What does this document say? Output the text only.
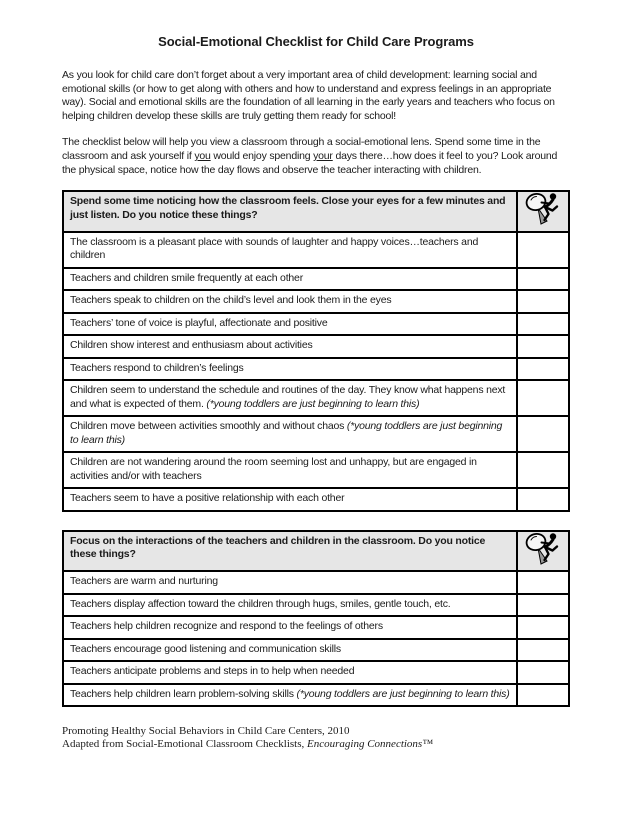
Social-Emotional Checklist for Child Care Programs

As you look for child care don’t forget about a very important area of child development: learning social and emotional skills (or how to get along with others and how to understand and express feelings in an appropriate way). Social and emotional skills are the foundation of all learning in the early years and teachers who focus on helping children develop these skills are truly getting them ready for school!

The checklist below will help you view a classroom through a social-emotional lens. Spend some time in the classroom and ask yourself if you would enjoy spending your days there…how does it feel to you? Look around the physical space, notice how the day flows and observe the teacher interacting with children.

Spend some time noticing how the classroom feels. Close your eyes for a few minutes and just listen. Do you notice these things?	
The classroom is a pleasant place with sounds of laughter and happy voices…teachers and children	
Teachers and children smile frequently at each other	
Teachers speak to children on the child’s level and look them in the eyes	
Teachers’ tone of voice is playful, affectionate and positive	
Children show interest and enthusiasm about activities	
Teachers respond to children’s feelings	
Children seem to understand the schedule and routines of the day. They know what happens next and what is expected of them. (*young toddlers are just beginning to learn this)	
Children move between activities smoothly and without chaos (*young toddlers are just beginning to learn this)	
Children are not wandering around the room seeming lost and unhappy, but are engaged in activities and/or with teachers	
Teachers seem to have a positive relationship with each other	
Focus on the interactions of the teachers and children in the classroom. Do you notice these things?	
Teachers are warm and nurturing	
Teachers display affection toward the children through hugs, smiles, gentle touch, etc.	
Teachers help children recognize and respond to the feelings of others	
Teachers encourage good listening and communication skills	
Teachers anticipate problems and steps in to help when needed	
Teachers help children learn problem-solving skills (*young toddlers are just beginning to learn this)	
Promoting Healthy Social Behaviors in Child Care Centers, 2010
Adapted from Social-Emotional Classroom Checklists, Encouraging Connections™
